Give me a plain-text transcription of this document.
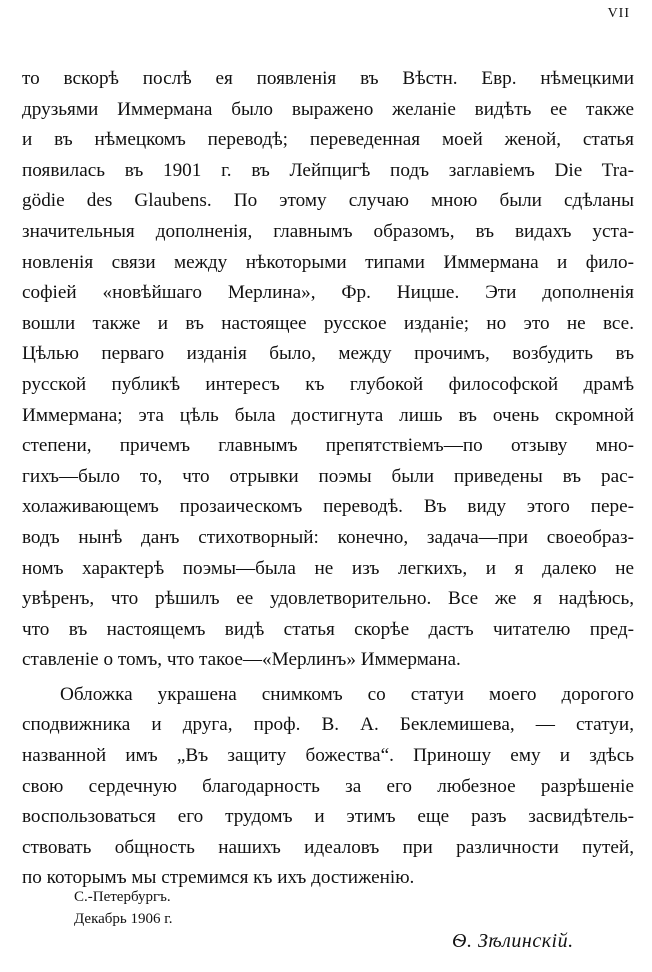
VII
то вскорѣ послѣ ея появленія въ Вѣстн. Евр. нѣмецкими
друзьями Иммермана было выражено желаніе видѣть ее также
и въ нѣмецкомъ переводѣ; переведенная моей женой, статья
появилась въ 1901 г. въ Лейпцигѣ подъ заглавіемъ Die Tra-
gödie des Glaubens. По этому случаю мною были сдѣланы
значительныя дополненія, главнымъ образомъ, въ видахъ уста-
новленія связи между нѣкоторыми типами Иммермана и фило-
софіей «новѣйшаго Мерлина», Фр. Ницше. Эти дополненія
вошли также и въ настоящее русское изданіе; но это не все.
Цѣлью перваго изданія было, между прочимъ, возбудить въ
русской публикѣ интересъ къ глубокой философской драмѣ
Иммермана; эта цѣль была достигнута лишь въ очень скромной
степени, причемъ главнымъ препятствіемъ—по отзыву мно-
гихъ—было то, что отрывки поэмы были приведены въ рас-
холаживающемъ прозаическомъ переводѣ. Въ виду этого пере-
водъ нынѣ данъ стихотворный: конечно, задача—при своеобраз-
номъ характерѣ поэмы—была не изъ легкихъ, и я далеко не
увѣренъ, что рѣшилъ ее удовлетворительно. Все же я надѣюсь,
что въ настоящемъ видѣ статья скорѣе дастъ читателю пред-
ставленіе о томъ, что такое—«Мерлинъ» Иммермана.
Обложка украшена снимкомъ со статуи моего дорогого
сподвижника и друга, проф. В. А. Беклемишева, — статуи,
названной имъ „Въ защиту божества“. Приношу ему и здѣсь
свою сердечную благодарность за его любезное разрѣшеніе
воспользоваться его трудомъ и этимъ еще разъ засвидѣтель-
ствовать общность нашихъ идеаловъ при различности путей,
по которымъ мы стремимся къ ихъ достиженію.
С.-Петербургъ.
Декабрь 1906 г.
Ѳ. Зѣлинскій.
